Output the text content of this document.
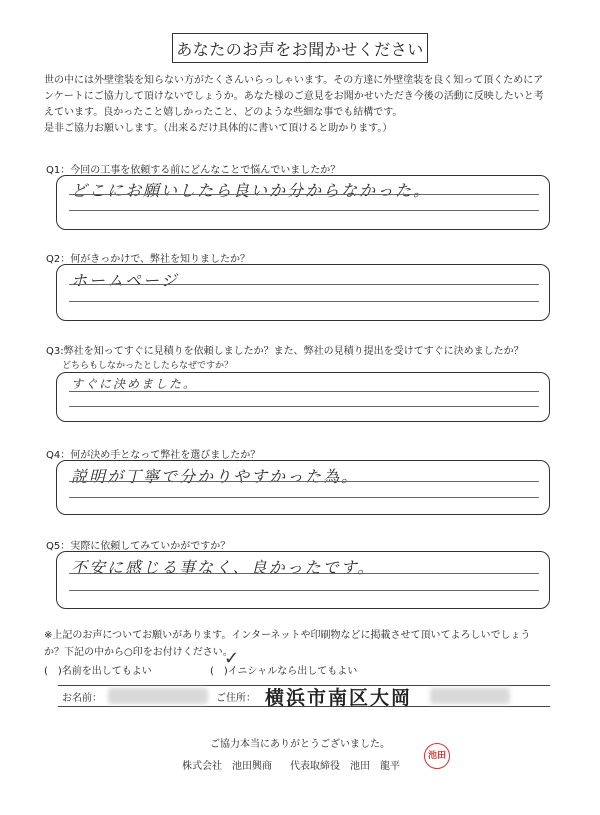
あなたのお声をお聞かせください
世の中には外壁塗装を知らない方がたくさんいらっしゃいます。その方達に外壁塗装を良く知って頂くためにア
ンケートにご協力して頂けないでしょうか。あなた様のご意見をお聞かせいただき今後の活動に反映したいと考
えています。良かったこと嬉しかったこと、どのような些細な事でも結構です。
是非ご協力お願いします。（出来るだけ具体的に書いて頂けると助かります。）
Q1：今回の工事を依頼する前にどんなことで悩んでいましたか？
どこにお願いしたら良いか分からなかった。
Q2：何がきっかけで、弊社を知りましたか？
ホームページ
Q3:弊社を知ってすぐに見積りを依頼しましたか？また、弊社の見積り提出を受けてすぐに決めましたか？
どちらもしなかったとしたらなぜですか？
すぐに決めました。
Q4：何が決め手となって弊社を選びましたか？
説明が丁寧で分かりやすかった為。
Q5：実際に依頼してみていかがですか？
不安に感じる事なく、良かったです。
※上記のお声についてお願いがあります。インターネットや印刷物などに掲載させて頂いてよろしいでしょう
か？下記の中から○印をお付けください。
(　)名前を出してもよい	(　)イニシャルなら出してもよい
✓
お名前：	ご住所： 横浜市南区大岡
ご協力本当にありがとうございました。
株式会社　池田興商 代表取締役　池田　龍平
池田
